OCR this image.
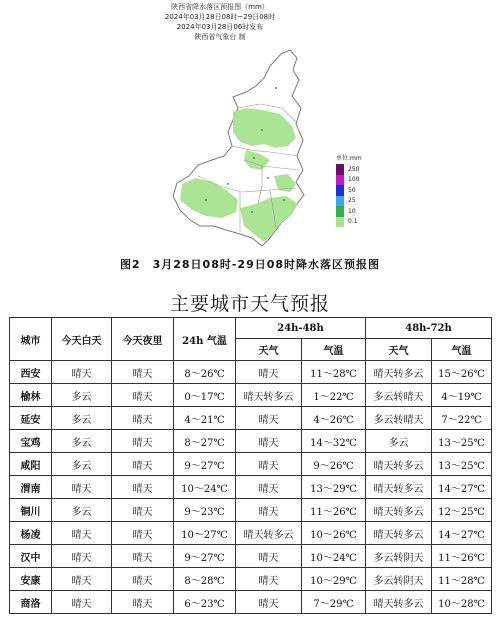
陕西省降水落区预报图（mm）
2024年03月28日08时~29日08时
2024年03月28日06时发布
陕西省气象台 制
单位:mm
250
100
50
25
10
0.1
图2　3月28日08时-29日08时降水落区预报图
主要城市天气预报
城市	今天白天	今天夜里	24h 气温	24h-48h		48h-72h	
				天气	气温	天气	气温
西安	晴天	晴天	8～26℃	晴天	11～28℃	晴天转多云	15～26℃
榆林	多云	晴天	0～17℃	晴天转多云	1～22℃	多云转晴天	4～19℃
延安	多云	晴天	4～21℃	晴天	4～26℃	多云转晴天	7～22℃
宝鸡	多云	晴天	8～27℃	晴天	14～32℃	多云	13～25℃
咸阳	多云	晴天	9～27℃	晴天	9～26℃	晴天转多云	13～25℃
渭南	晴天	晴天	10～24℃	晴天	13～29℃	晴天转多云	14～27℃
铜川	多云	晴天	9～23℃	晴天	11～26℃	晴天转多云	12～25℃
杨凌	晴天	晴天	10～27℃	晴天转多云	10～26℃	晴天转多云	14～27℃
汉中	晴天	晴天	9～27℃	晴天	10～24℃	多云转阴天	11～26℃
安康	晴天	晴天	8～28℃	晴天	10～29℃	多云转阴天	11～28℃
商洛	晴天	晴天	6～23℃	晴天	7～29℃	晴天转多云	10～28℃
